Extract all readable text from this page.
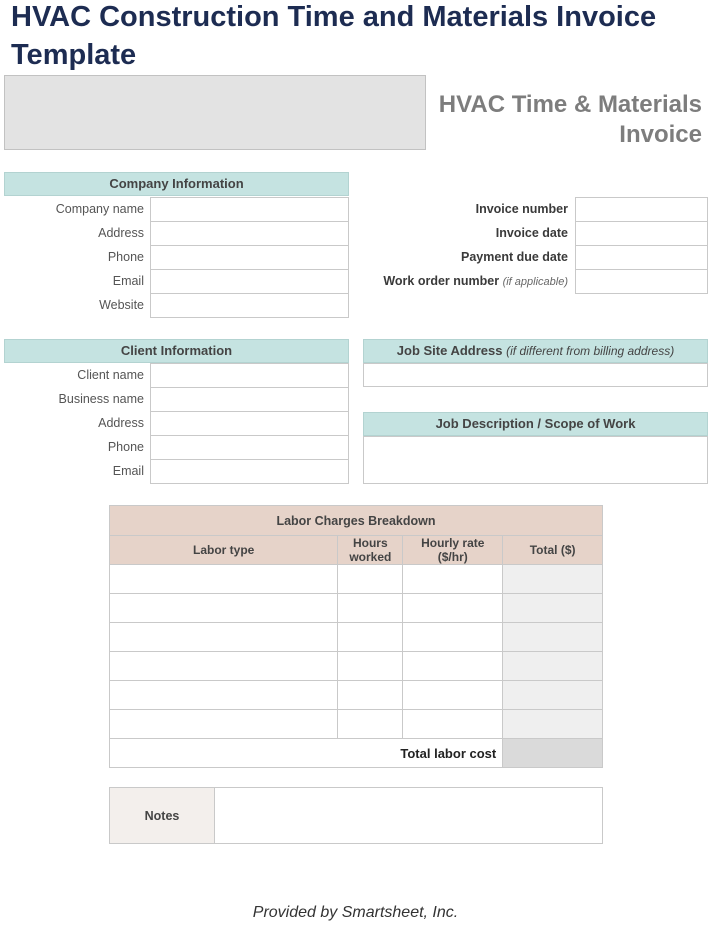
HVAC Construction Time and Materials Invoice Template
HVAC Time & Materials Invoice
Company Information
Company name
Address
Phone
Email
Website
Invoice number
Invoice date
Payment due date
Work order number (if applicable)
Client Information
Client name
Business name
Address
Phone
Email
Job Site Address (if different from billing address)
Job Description / Scope of Work
Labor Charges Breakdown			
Labor type	Hours worked	Hourly rate ($/hr)	Total ($)

Total labor cost			
Notes
Provided by Smartsheet, Inc.
